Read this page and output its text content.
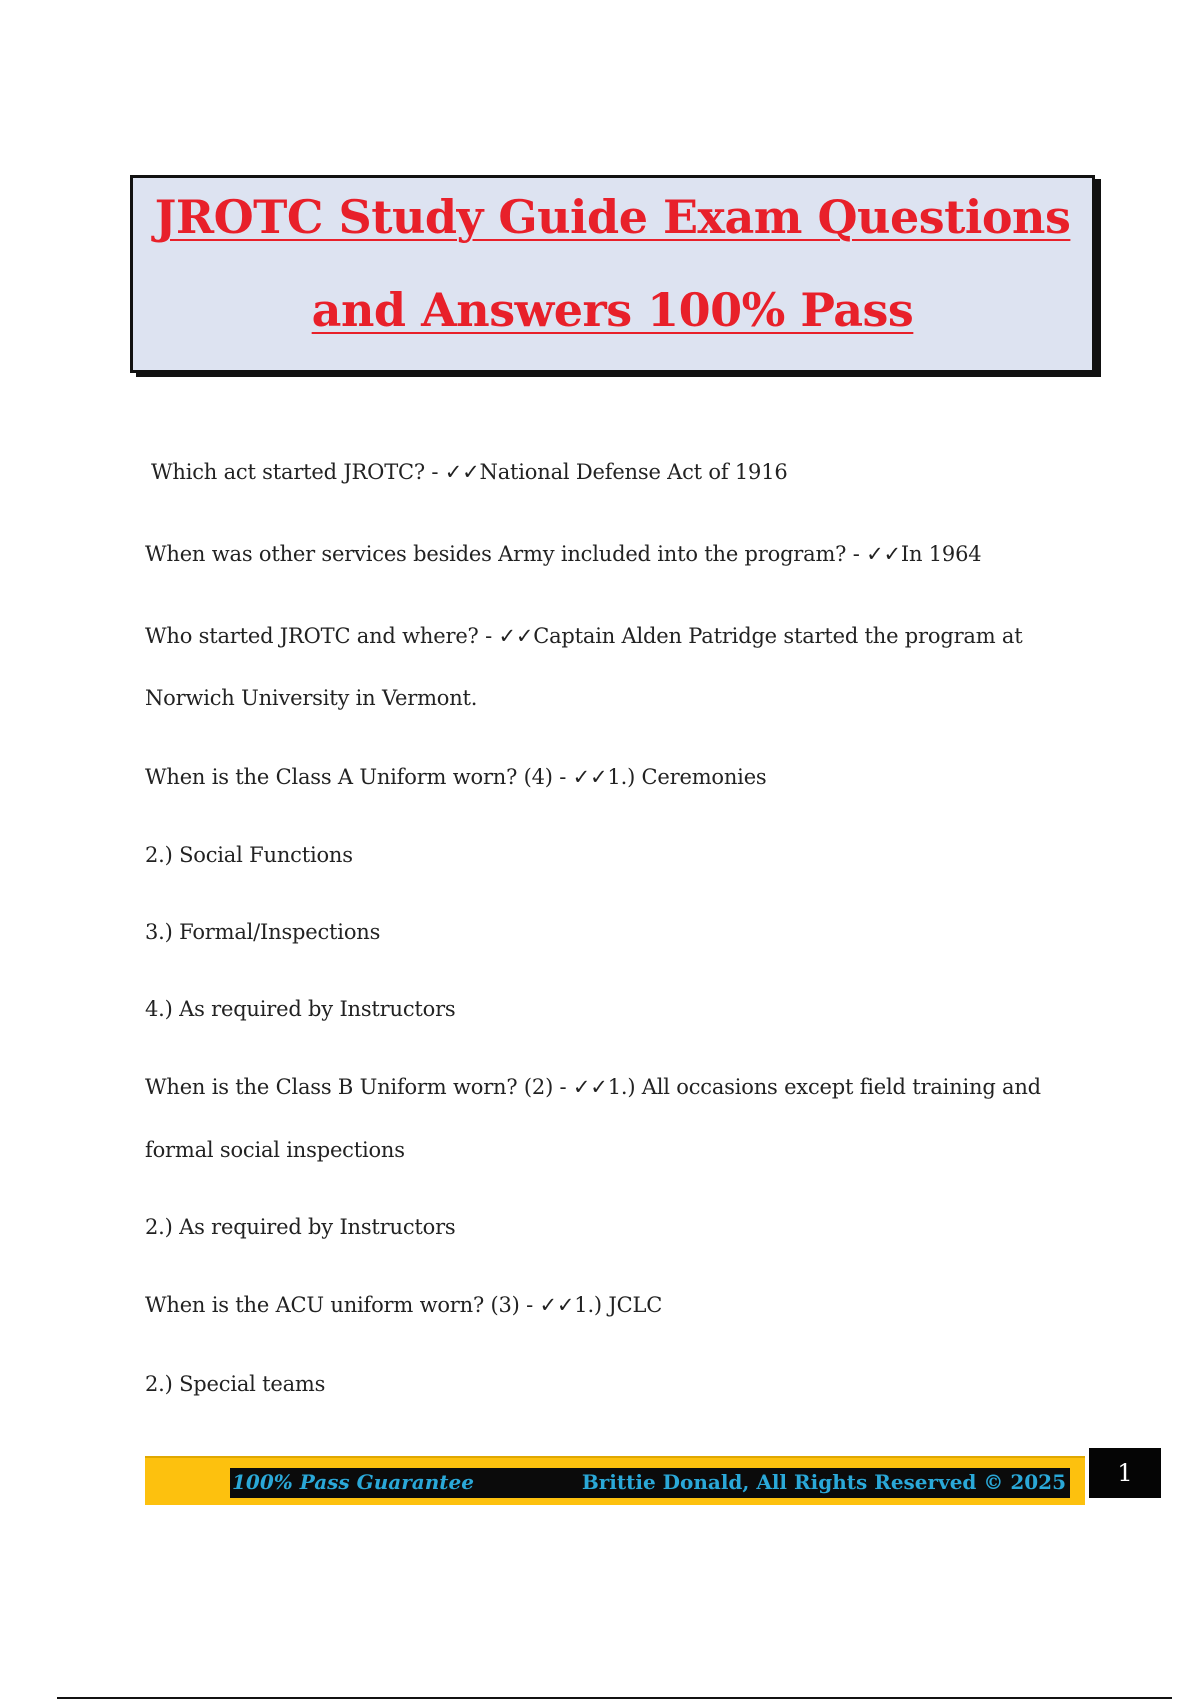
JROTC Study Guide Exam Questions
and Answers 100% Pass
Which act started JROTC? - ✓✓National Defense Act of 1916
When was other services besides Army included into the program? - ✓✓In 1964
Who started JROTC and where? - ✓✓Captain Alden Patridge started the program at
Norwich University in Vermont.
When is the Class A Uniform worn? (4) - ✓✓1.) Ceremonies
2.) Social Functions
3.) Formal/Inspections
4.) As required by Instructors
When is the Class B Uniform worn? (2) - ✓✓1.) All occasions except field training and
formal social inspections
2.) As required by Instructors
When is the ACU uniform worn? (3) - ✓✓1.) JCLC
2.) Special teams
100% Pass Guarantee	Brittie Donald, All Rights Reserved © 2025	1
